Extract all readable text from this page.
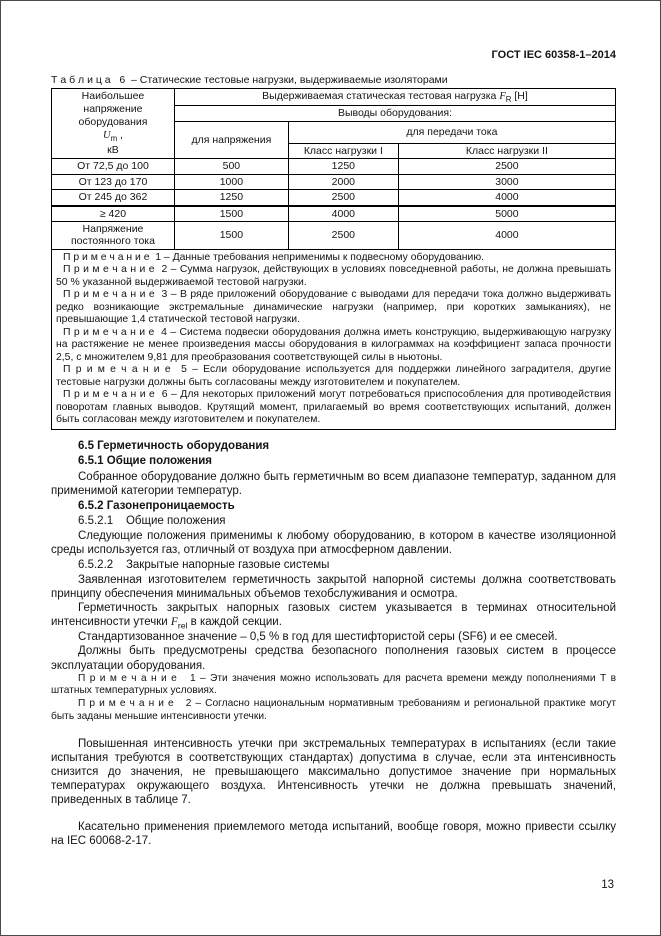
ГОСТ IEC 60358-1–2014

Т а б л и ц а   6  – Статические тестовые нагрузки, выдерживаемые изоляторами

Наибольшее
напряжение
оборудования
$U_m$ ,
кВ	Выдерживаемая статическая тестовая нагрузка $F_R$ [Н]		
	Выводы оборудования:		
	для напряжения	для передачи тока	
		Класс нагрузки I	Класс нагрузки II
От 72,5 до 100	500	1250	2500
От 123 до 170	1000	2000	3000
От 245 до 362	1250	2500	4000
≥ 420	1500	4000	5000
Напряжение постоянного тока	1500	2500	4000

П р и м е ч а н и е  1 – Данные требования неприменимы к подвесному оборудованию.

П р и м е ч а н и е  2 – Сумма нагрузок, действующих в условиях повседневной работы, не должна превышать 50 % указанной выдерживаемой тестовой нагрузки.

П р и м е ч а н и е  3 – В ряде приложений оборудование с выводами для передачи тока должно выдерживать редко возникающие экстремальные динамические нагрузки (например, при коротких замыканиях), не превышающие 1,4 статической тестовой нагрузки.

П р и м е ч а н и е  4 – Система подвески оборудования должна иметь конструкцию, выдерживающую нагрузку на растяжение не менее произведения массы оборудования в килограммах на коэффициент запаса прочности 2,5, с множителем 9,81 для преобразования соответствующей силы в ньютоны.

П р и м е ч а н и е  5 – Если оборудование используется для поддержки линейного заградителя, другие тестовые нагрузки должны быть согласованы между изготовителем и покупателем.

П р и м е ч а н и е  6 – Для некоторых приложений могут потребоваться приспособления для противодействия поворотам главных выводов. Крутящий момент, прилагаемый во время соответствующих испытаний, должен быть согласован между изготовителем и покупателем.

6.5 Герметичность оборудования

6.5.1 Общие положения

Собранное оборудование должно быть герметичным во всем диапазоне температур, заданном для применимой категории температур.

6.5.2 Газонепроницаемость

6.5.2.1    Общие положения

Следующие положения применимы к любому оборудованию, в котором в качестве изоляционной среды используется газ, отличный от воздуха при атмосферном давлении.

6.5.2.2    Закрытые напорные газовые системы

Заявленная изготовителем герметичность закрытой напорной системы должна соответствовать принципу обеспечения минимальных объемов техобслуживания и осмотра.

Герметичность закрытых напорных газовых систем указывается в терминах относительной интенсивности утечки $F_{rel}$ в каждой секции.

Стандартизованное значение – 0,5 % в год для шестифтористой серы (SF6) и ее смесей.

Должны быть предусмотрены средства безопасного пополнения газовых систем в процессе эксплуатации оборудования.

П р и м е ч а н и е   1 – Эти значения можно использовать для расчета времени между пополнениями Т в штатных температурных условиях.

П р и м е ч а н и е   2 – Согласно национальным нормативным требованиям и региональной практике могут быть заданы меньшие интенсивности утечки.

Повышенная интенсивность утечки при экстремальных температурах в испытаниях (если такие испытания требуются в соответствующих стандартах) допустима в случае, если эта интенсивность снизится до значения, не превышающего максимально допустимое значение при нормальных температурах окружающего воздуха. Интенсивность утечки не должна превышать значений, приведенных в таблице 7.

Касательно применения приемлемого метода испытаний, вообще говоря, можно привести ссылку на IEC 60068-2-17.

13
